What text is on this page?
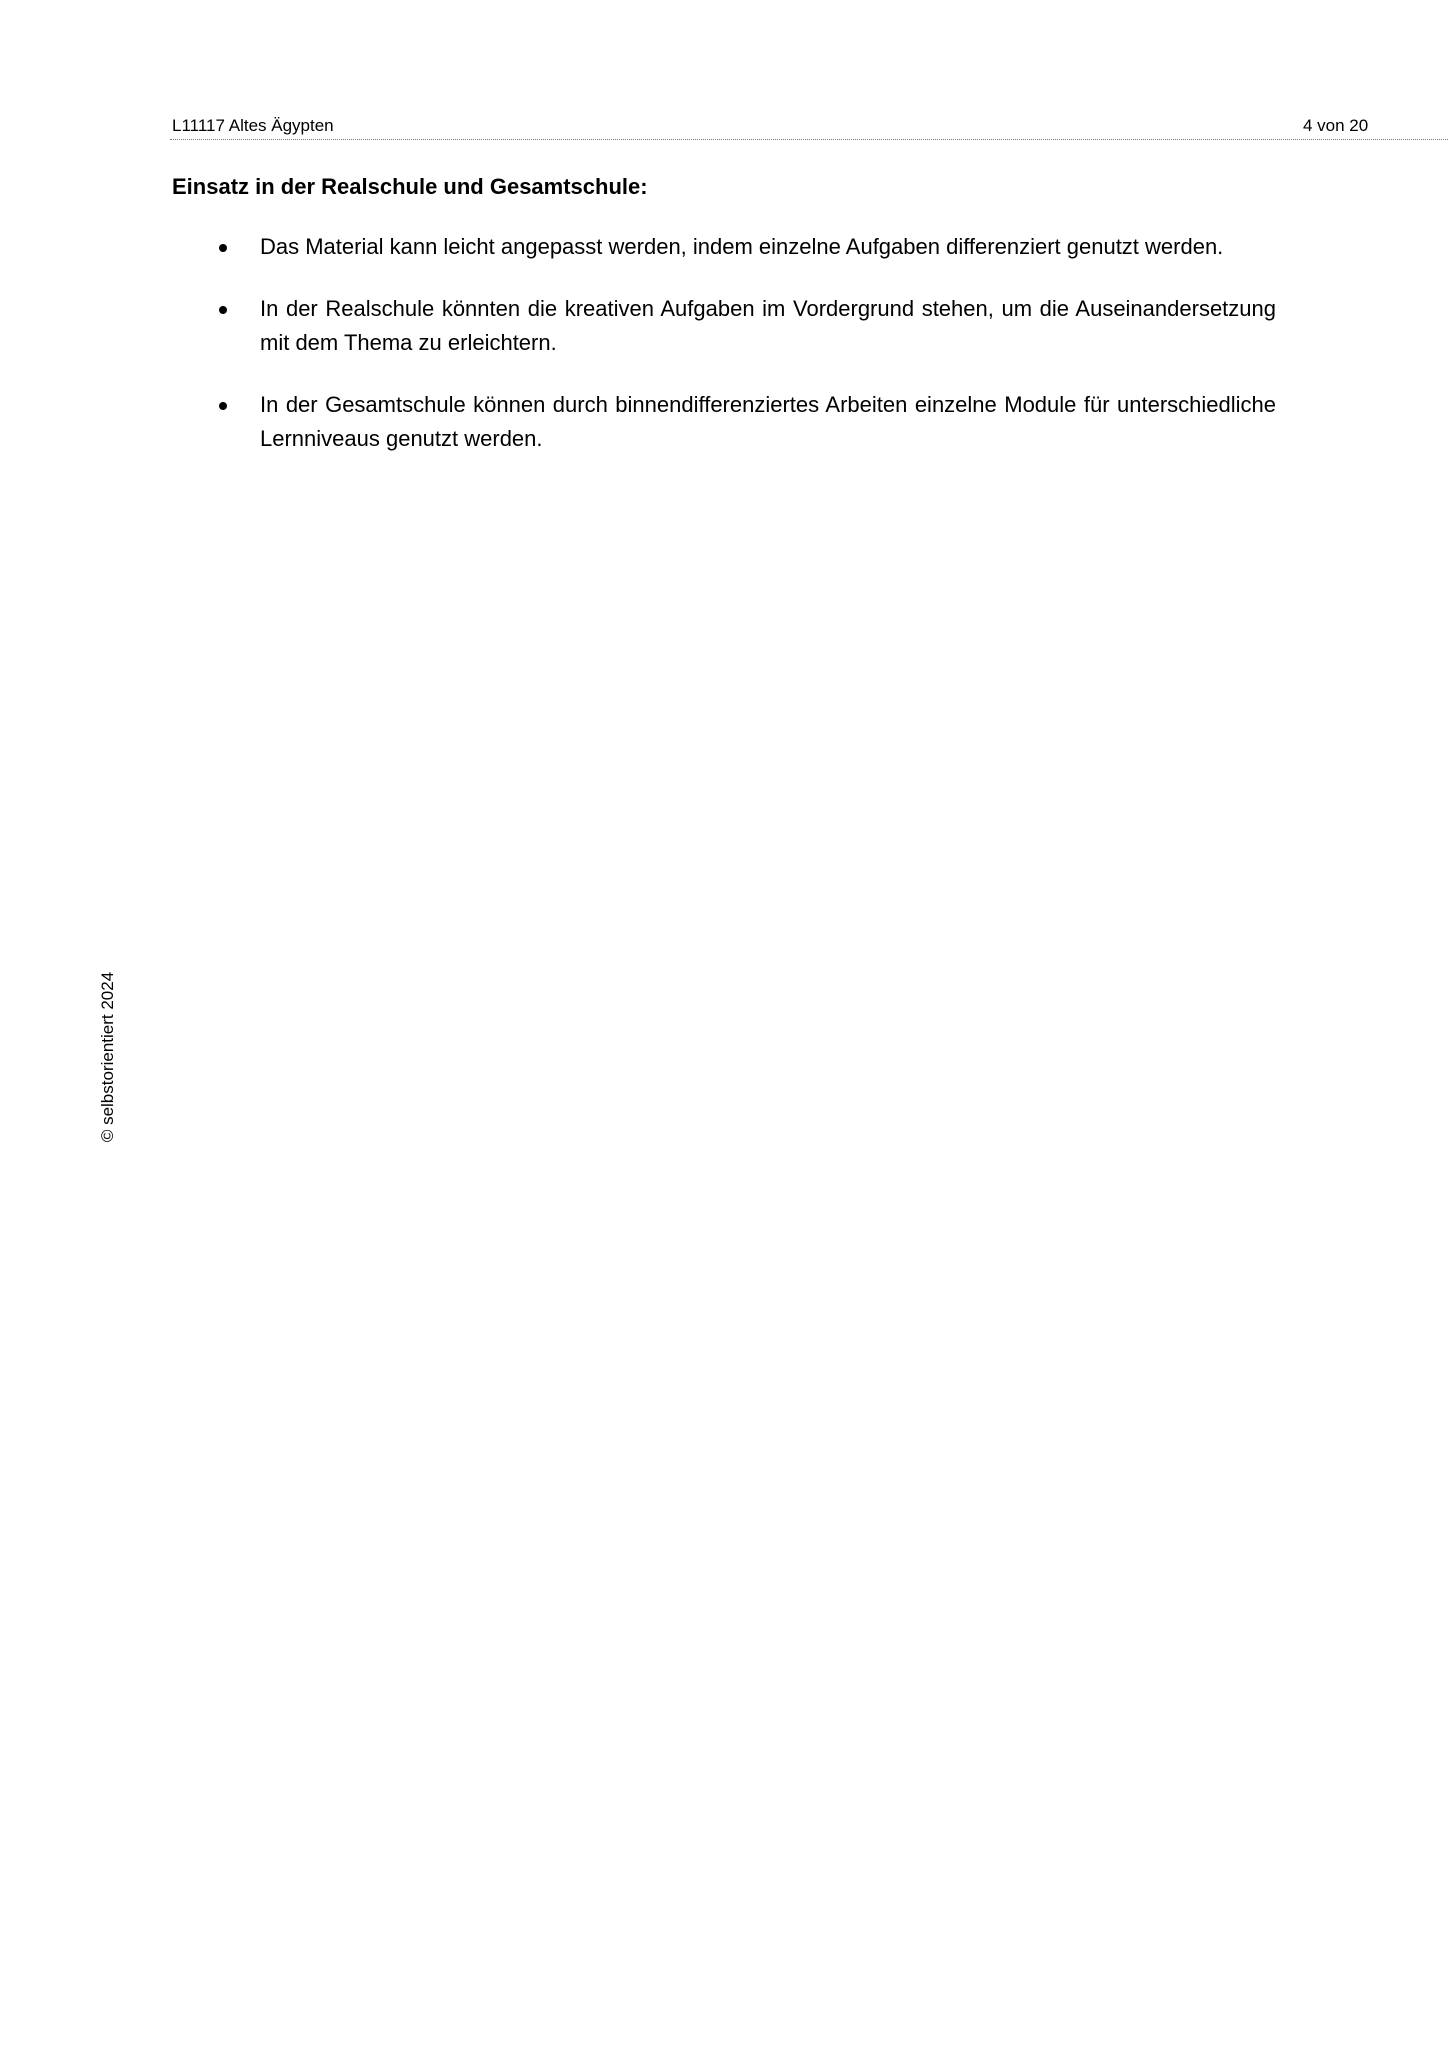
L11117 Altes Ägypten	4 von 20
Einsatz in der Realschule und Gesamtschule:
Das Material kann leicht angepasst werden, indem einzelne Aufgaben differenziert genutzt werden.
In der Realschule könnten die kreativen Aufgaben im Vordergrund stehen, um die Auseinandersetzung mit dem Thema zu erleichtern.
In der Gesamtschule können durch binnendifferenziertes Arbeiten einzelne Module für unterschiedliche Lernniveaus genutzt werden.
© selbstorientiert 2024
